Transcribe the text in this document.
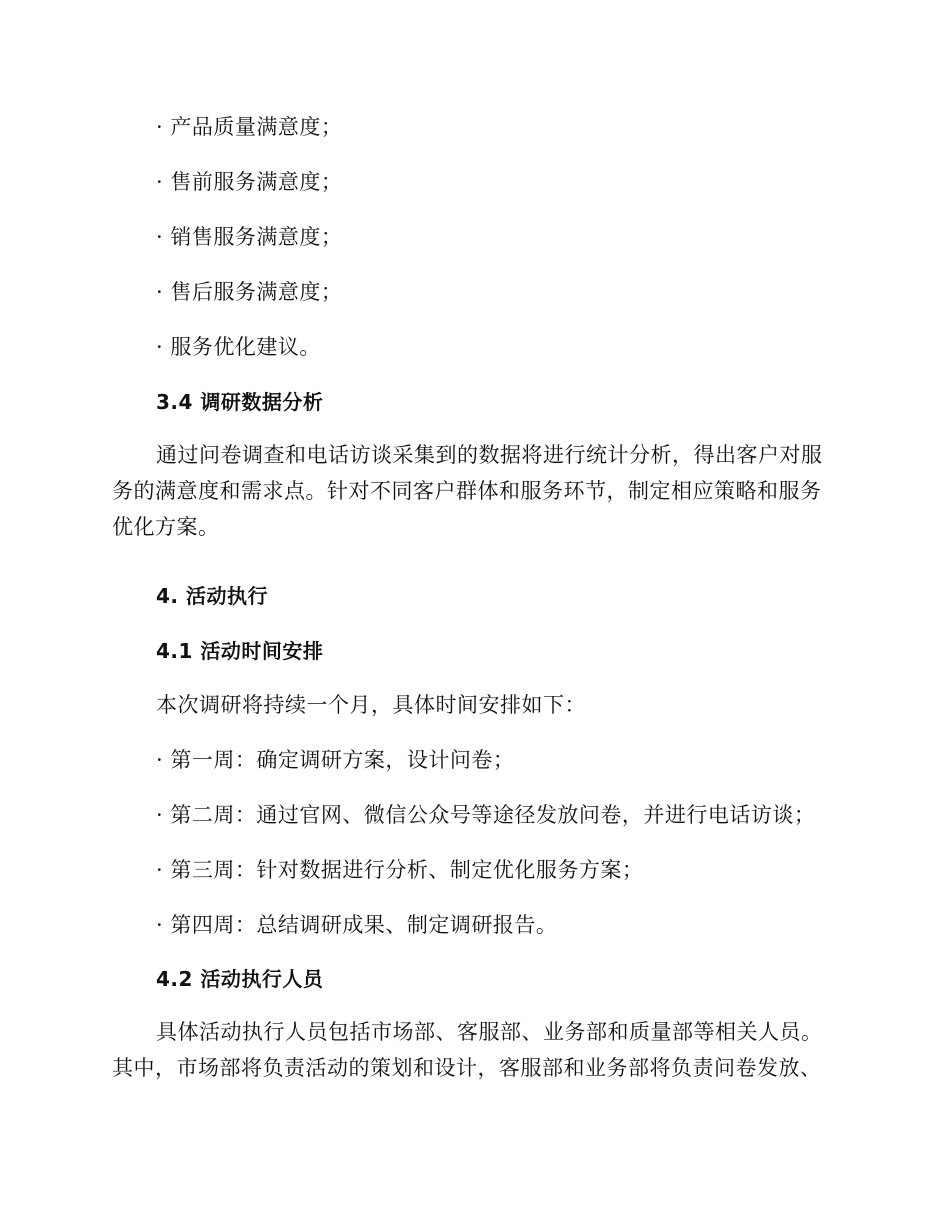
· 产品质量满意度；
· 售前服务满意度；
· 销售服务满意度；
· 售后服务满意度；
· 服务优化建议。
3.4 调研数据分析

通过问卷调查和电话访谈采集到的数据将进行统计分析，得出客户对服务的满意度和需求点。针对不同客户群体和服务环节，制定相应策略和服务优化方案。

4. 活动执行
4.1 活动时间安排
本次调研将持续一个月，具体时间安排如下：
· 第一周：确定调研方案，设计问卷；
· 第二周：通过官网、微信公众号等途径发放问卷，并进行电话访谈；
· 第三周：针对数据进行分析、制定优化服务方案；
· 第四周：总结调研成果、制定调研报告。
4.2 活动执行人员

具体活动执行人员包括市场部、客服部、业务部和质量部等相关人员。其中，市场部将负责活动的策划和设计，客服部和业务部将负责问卷发放、
